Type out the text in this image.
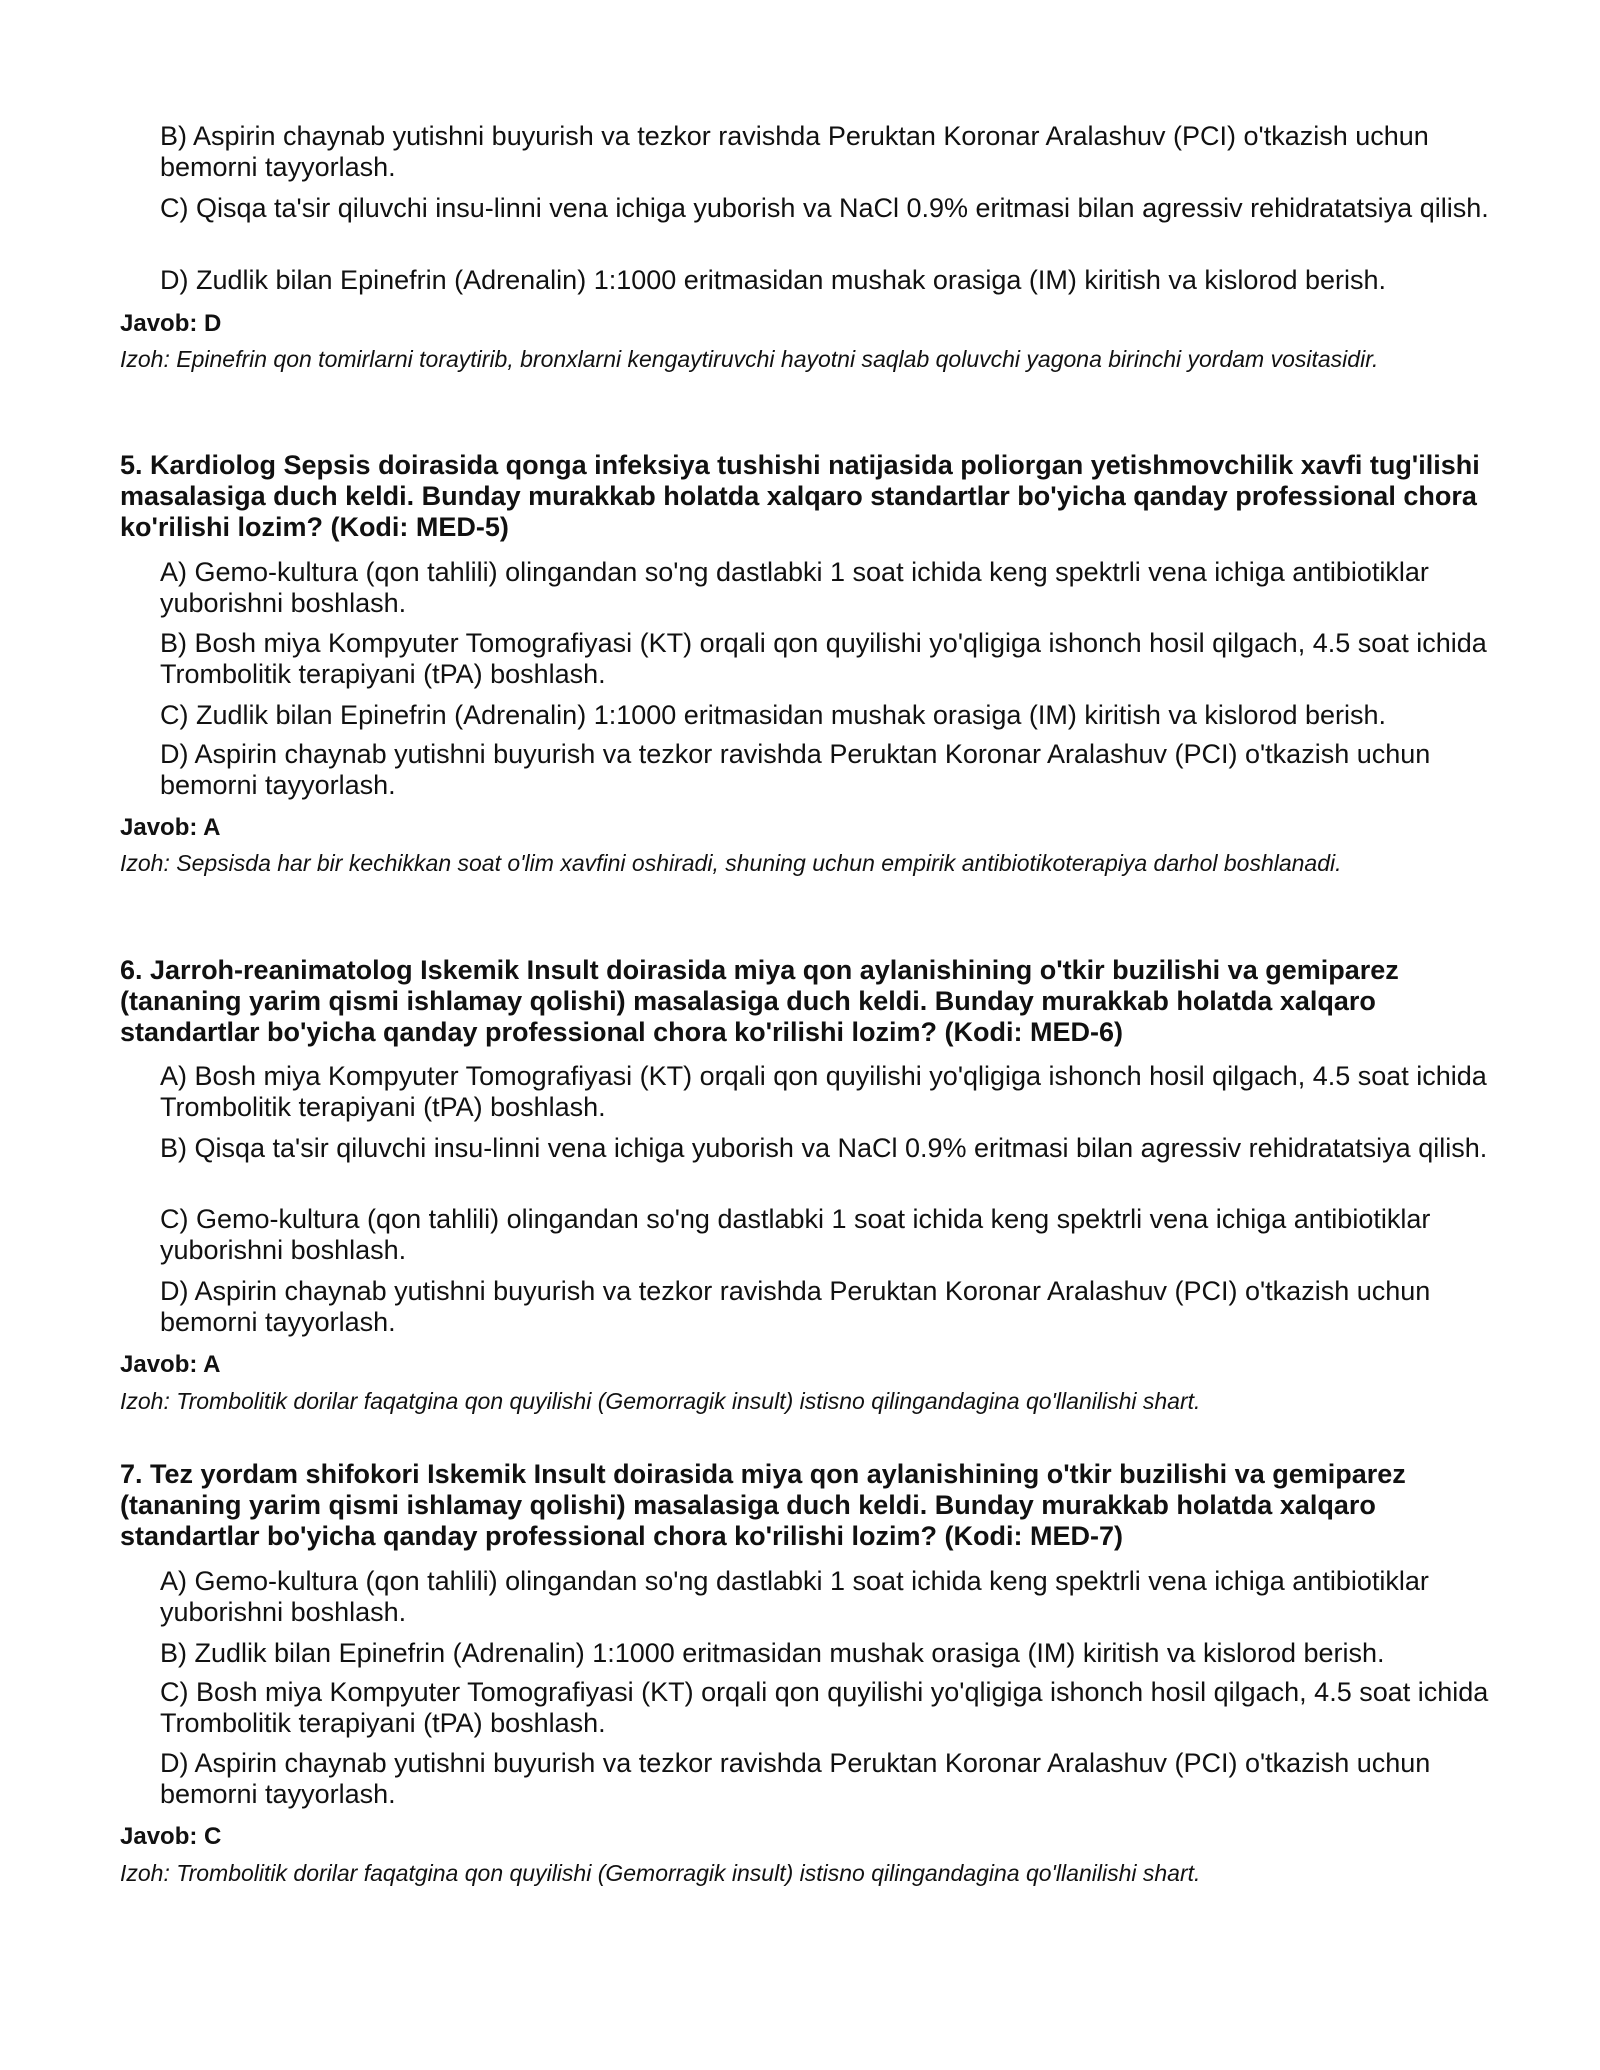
B) Aspirin chaynab yutishni buyurish va tezkor ravishda Peruktan Koronar Aralashuv (PCI) o'tkazish uchun bemorni tayyorlash.

C) Qisqa ta'sir qiluvchi insu-linni vena ichiga yuborish va NaCl 0.9% eritmasi bilan agressiv rehidratatsiya qilish.

D) Zudlik bilan Epinefrin (Adrenalin) 1:1000 eritmasidan mushak orasiga (IM) kiritish va kislorod berish.

Javob: D

Izoh: Epinefrin qon tomirlarni toraytirib, bronxlarni kengaytiruvchi hayotni saqlab qoluvchi yagona birinchi yordam vositasidir.

5. Kardiolog Sepsis doirasida qonga infeksiya tushishi natijasida poliorgan yetishmovchilik xavfi tug'ilishi masalasiga duch keldi. Bunday murakkab holatda xalqaro standartlar bo'yicha qanday professional chora ko'rilishi lozim? (Kodi: MED-5)

A) Gemo-kultura (qon tahlili) olingandan so'ng dastlabki 1 soat ichida keng spektrli vena ichiga antibiotiklar yuborishni boshlash.

B) Bosh miya Kompyuter Tomografiyasi (KT) orqali qon quyilishi yo'qligiga ishonch hosil qilgach, 4.5 soat ichida Trombolitik terapiyani (tPA) boshlash.

C) Zudlik bilan Epinefrin (Adrenalin) 1:1000 eritmasidan mushak orasiga (IM) kiritish va kislorod berish.

D) Aspirin chaynab yutishni buyurish va tezkor ravishda Peruktan Koronar Aralashuv (PCI) o'tkazish uchun bemorni tayyorlash.

Javob: A

Izoh: Sepsisda har bir kechikkan soat o'lim xavfini oshiradi, shuning uchun empirik antibiotikoterapiya darhol boshlanadi.

6. Jarroh-reanimatolog Iskemik Insult doirasida miya qon aylanishining o'tkir buzilishi va gemiparez (tananing yarim qismi ishlamay qolishi) masalasiga duch keldi. Bunday murakkab holatda xalqaro standartlar bo'yicha qanday professional chora ko'rilishi lozim? (Kodi: MED-6)

A) Bosh miya Kompyuter Tomografiyasi (KT) orqali qon quyilishi yo'qligiga ishonch hosil qilgach, 4.5 soat ichida Trombolitik terapiyani (tPA) boshlash.

B) Qisqa ta'sir qiluvchi insu-linni vena ichiga yuborish va NaCl 0.9% eritmasi bilan agressiv rehidratatsiya qilish.

C) Gemo-kultura (qon tahlili) olingandan so'ng dastlabki 1 soat ichida keng spektrli vena ichiga antibiotiklar yuborishni boshlash.

D) Aspirin chaynab yutishni buyurish va tezkor ravishda Peruktan Koronar Aralashuv (PCI) o'tkazish uchun bemorni tayyorlash.

Javob: A

Izoh: Trombolitik dorilar faqatgina qon quyilishi (Gemorragik insult) istisno qilingandagina qo'llanilishi shart.

7. Tez yordam shifokori Iskemik Insult doirasida miya qon aylanishining o'tkir buzilishi va gemiparez (tananing yarim qismi ishlamay qolishi) masalasiga duch keldi. Bunday murakkab holatda xalqaro standartlar bo'yicha qanday professional chora ko'rilishi lozim? (Kodi: MED-7)

A) Gemo-kultura (qon tahlili) olingandan so'ng dastlabki 1 soat ichida keng spektrli vena ichiga antibiotiklar yuborishni boshlash.

B) Zudlik bilan Epinefrin (Adrenalin) 1:1000 eritmasidan mushak orasiga (IM) kiritish va kislorod berish.

C) Bosh miya Kompyuter Tomografiyasi (KT) orqali qon quyilishi yo'qligiga ishonch hosil qilgach, 4.5 soat ichida Trombolitik terapiyani (tPA) boshlash.

D) Aspirin chaynab yutishni buyurish va tezkor ravishda Peruktan Koronar Aralashuv (PCI) o'tkazish uchun bemorni tayyorlash.

Javob: C

Izoh: Trombolitik dorilar faqatgina qon quyilishi (Gemorragik insult) istisno qilingandagina qo'llanilishi shart.
